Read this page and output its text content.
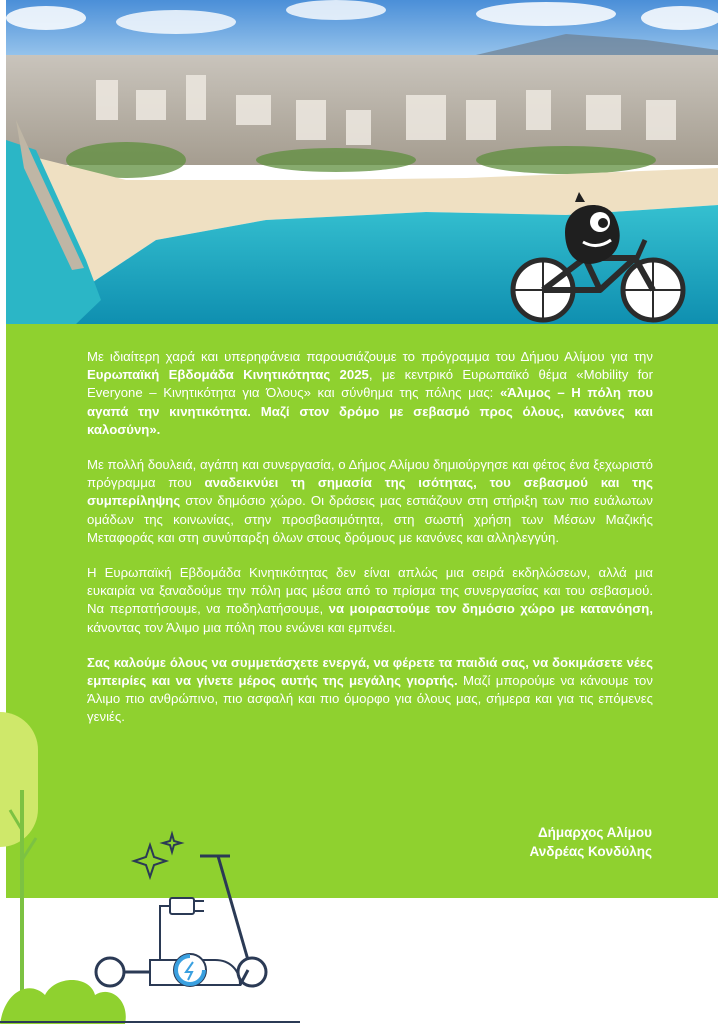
Με ιδιαίτερη χαρά και υπερηφάνεια παρουσιάζουμε το πρόγραμμα του Δήμου Αλίμου για την Ευρωπαϊκή Εβδομάδα Κινητικότητας 2025, με κεντρικό Ευρωπαϊκό θέμα «Mobility for Everyone – Κινητικότητα για Όλους» και σύνθημα της πόλης μας: «Άλιμος – Η πόλη που αγαπά την κινητικότητα. Μαζί στον δρόμο με σεβασμό προς όλους, κανόνες και καλοσύνη».

Με πολλή δουλειά, αγάπη και συνεργασία, ο Δήμος Αλίμου δημιούργησε και φέτος ένα ξεχωριστό πρόγραμμα που αναδεικνύει τη σημασία της ισότητας, του σεβασμού και της συμπερίληψης στον δημόσιο χώρο. Οι δράσεις μας εστιάζουν στη στήριξη των πιο ευάλωτων ομάδων της κοινωνίας, στην προσβασιμότητα, στη σωστή χρήση των Μέσων Μαζικής Μεταφοράς και στη συνύπαρξη όλων στους δρόμους με κανόνες και αλληλεγγύη.

Η Ευρωπαϊκή Εβδομάδα Κινητικότητας δεν είναι απλώς μια σειρά εκδηλώσεων, αλλά μια ευκαιρία να ξαναδούμε την πόλη μας μέσα από το πρίσμα της συνεργασίας και του σεβασμού. Να περπατήσουμε, να ποδηλατήσουμε, να μοιραστούμε τον δημόσιο χώρο με κατανόηση, κάνοντας τον Άλιμο μια πόλη που ενώνει και εμπνέει.

Σας καλούμε όλους να συμμετάσχετε ενεργά, να φέρετε τα παιδιά σας, να δοκιμάσετε νέες εμπειρίες και να γίνετε μέρος αυτής της μεγάλης γιορτής. Μαζί μπορούμε να κάνουμε τον Άλιμο πιο ανθρώπινο, πιο ασφαλή και πιο όμορφο για όλους μας, σήμερα και για τις επόμενες γενιές.

Δήμαρχος Αλίμου
Ανδρέας Κονδύλης
